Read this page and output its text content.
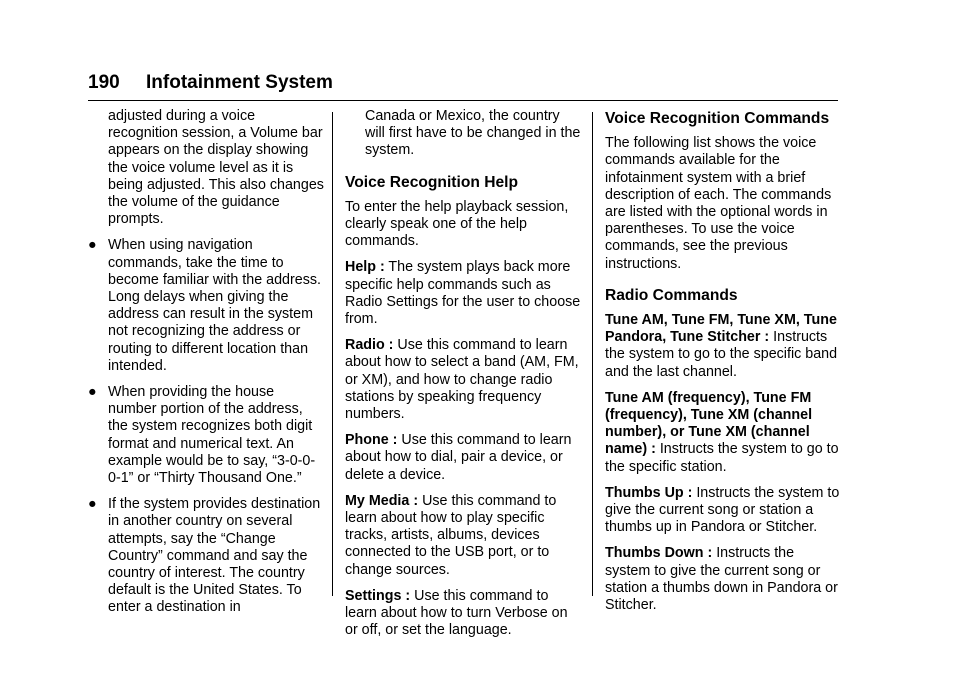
190 Infotainment System

adjusted during a voice recognition session, a Volume bar appears on the display showing the voice volume level as it is being adjusted. This also changes the volume of the guidance prompts.

● When using navigation commands, take the time to become familiar with the address. Long delays when giving the address can result in the system not recognizing the address or routing to different location than intended.
● When providing the house number portion of the address, the system recognizes both digit format and numerical text. An example would be to say, “3-0-0-0-1” or “Thirty Thousand One.”
● If the system provides destination in another country on several attempts, say the “Change Country” command and say the country of interest. The country default is the United States. To enter a destination in

Canada or Mexico, the country will first have to be changed in the system.

Voice Recognition Help

To enter the help playback session, clearly speak one of the help commands.

Help : The system plays back more specific help commands such as Radio Settings for the user to choose from.

Radio : Use this command to learn about how to select a band (AM, FM, or XM), and how to change radio stations by speaking frequency numbers.

Phone : Use this command to learn about how to dial, pair a device, or delete a device.

My Media : Use this command to learn about how to play specific tracks, artists, albums, devices connected to the USB port, or to change sources.

Settings : Use this command to learn about how to turn Verbose on or off, or set the language.

Voice Recognition Commands

The following list shows the voice commands available for the infotainment system with a brief description of each. The commands are listed with the optional words in parentheses. To use the voice commands, see the previous instructions.

Radio Commands

Tune AM, Tune FM, Tune XM, Tune Pandora, Tune Stitcher : Instructs the system to go to the specific band and the last channel.

Tune AM (frequency), Tune FM (frequency), Tune XM (channel number), or Tune XM (channel name) : Instructs the system to go to the specific station.

Thumbs Up : Instructs the system to give the current song or station a thumbs up in Pandora or Stitcher.

Thumbs Down : Instructs the system to give the current song or station a thumbs down in Pandora or Stitcher.
